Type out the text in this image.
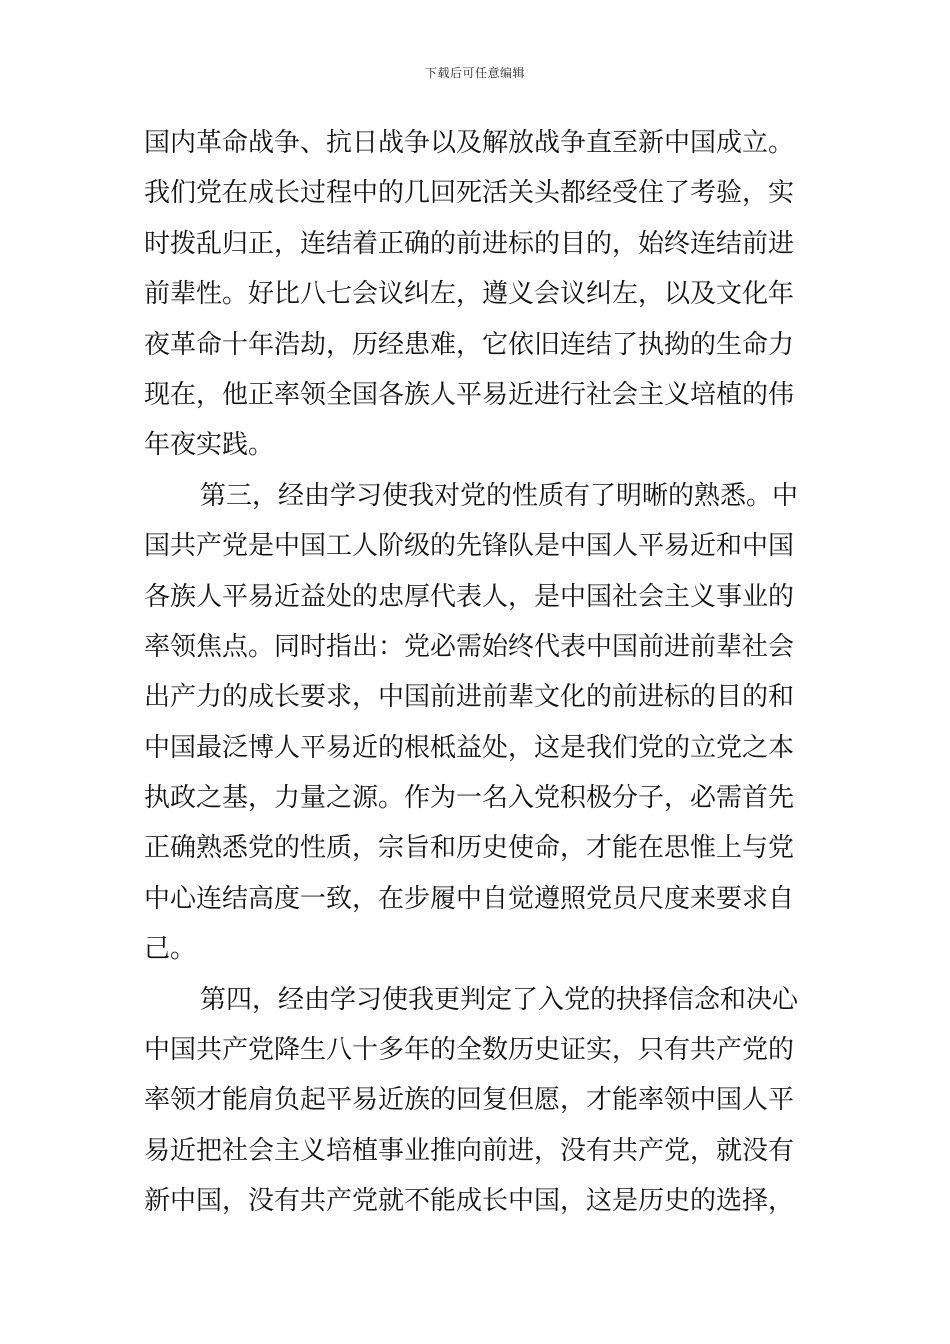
下载后可任意编辑
国内革命战争、抗日战争以及解放战争直至新中国成立。
我们党在成长过程中的几回死活关头都经受住了考验，实
时拨乱归正，连结着正确的前进标的目的，始终连结前进
前辈性。好比八七会议纠左，遵义会议纠左，以及文化年
夜革命十年浩劫，历经患难，它依旧连结了执拗的生命力
现在，他正率领全国各族人平易近进行社会主义培植的伟
年夜实践。
第三，经由学习使我对党的性质有了明晰的熟悉。中
国共产党是中国工人阶级的先锋队是中国人平易近和中国
各族人平易近益处的忠厚代表人，是中国社会主义事业的
率领焦点。同时指出：党必需始终代表中国前进前辈社会
出产力的成长要求，中国前进前辈文化的前进标的目的和
中国最泛博人平易近的根柢益处，这是我们党的立党之本
执政之基，力量之源。作为一名入党积极分子，必需首先
正确熟悉党的性质，宗旨和历史使命，才能在思惟上与党
中心连结高度一致，在步履中自觉遵照党员尺度来要求自
己。
第四，经由学习使我更判定了入党的抉择信念和决心
中国共产党降生八十多年的全数历史证实，只有共产党的
率领才能肩负起平易近族的回复但愿，才能率领中国人平
易近把社会主义培植事业推向前进，没有共产党，就没有
新中国，没有共产党就不能成长中国，这是历史的选择，
